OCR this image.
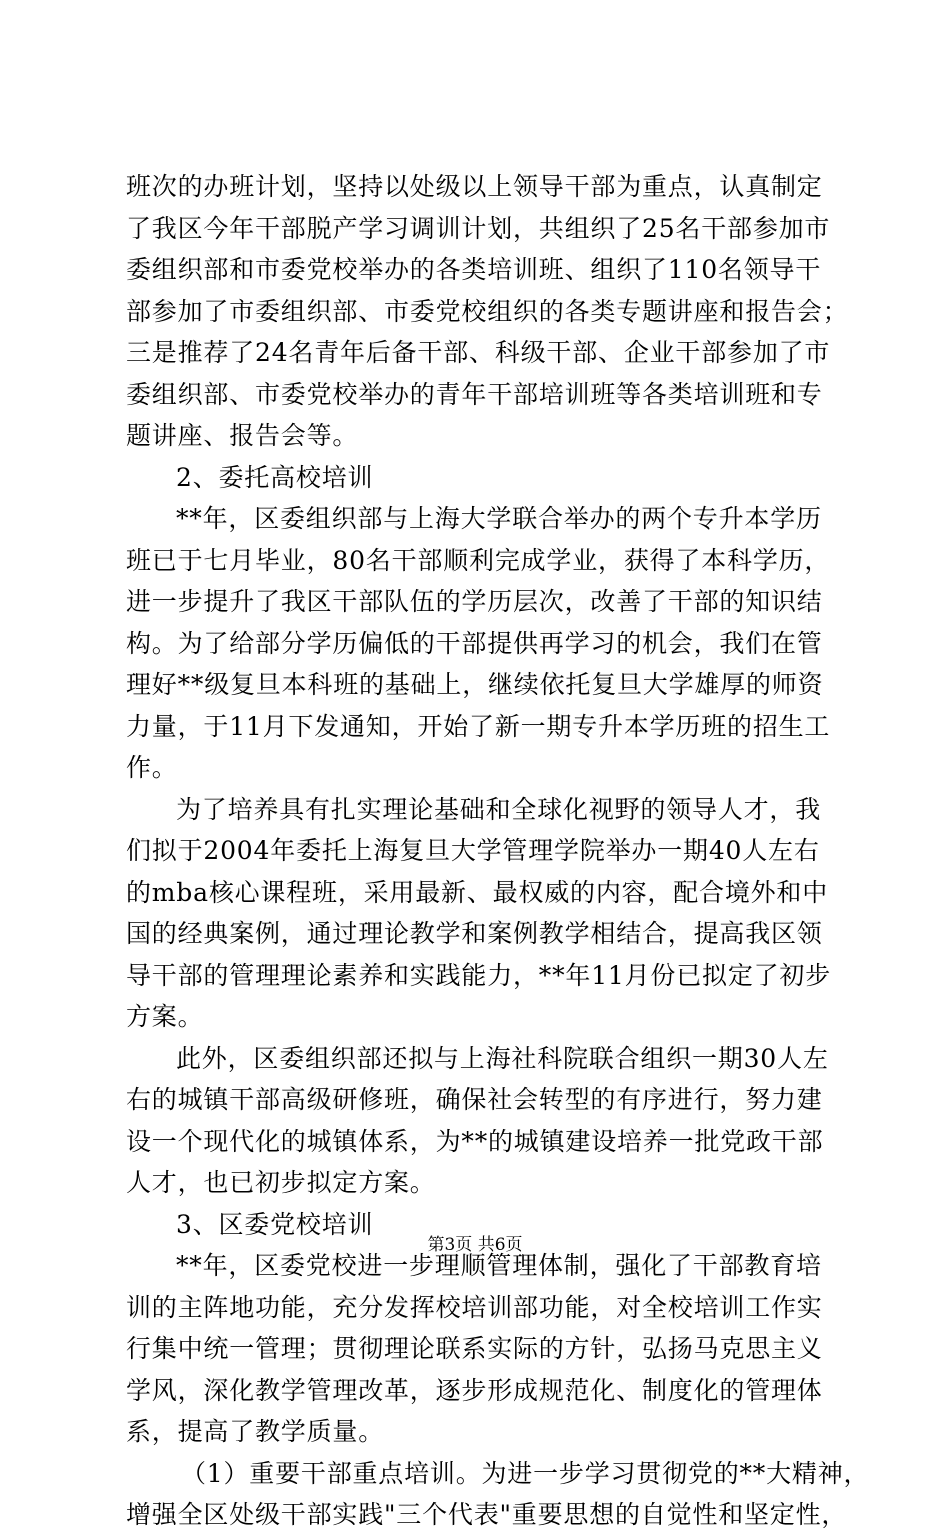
班次的办班计划，坚持以处级以上领导干部为重点，认真制定
了我区今年干部脱产学习调训计划，共组织了25名干部参加市
委组织部和市委党校举办的各类培训班、组织了110名领导干
部参加了市委组织部、市委党校组织的各类专题讲座和报告会；
三是推荐了24名青年后备干部、科级干部、企业干部参加了市
委组织部、市委党校举办的青年干部培训班等各类培训班和专
题讲座、报告会等。
2、委托高校培训
**年，区委组织部与上海大学联合举办的两个专升本学历
班已于七月毕业，80名干部顺利完成学业，获得了本科学历，
进一步提升了我区干部队伍的学历层次，改善了干部的知识结
构。为了给部分学历偏低的干部提供再学习的机会，我们在管
理好**级复旦本科班的基础上，继续依托复旦大学雄厚的师资
力量，于11月下发通知，开始了新一期专升本学历班的招生工
作。
为了培养具有扎实理论基础和全球化视野的领导人才，我
们拟于2004年委托上海复旦大学管理学院举办一期40人左右
的mba核心课程班，采用最新、最权威的内容，配合境外和中
国的经典案例，通过理论教学和案例教学相结合，提高我区领
导干部的管理理论素养和实践能力，**年11月份已拟定了初步
方案。
此外，区委组织部还拟与上海社科院联合组织一期30人左
右的城镇干部高级研修班，确保社会转型的有序进行，努力建
设一个现代化的城镇体系，为**的城镇建设培养一批党政干部
人才，也已初步拟定方案。
3、区委党校培训
**年，区委党校进一步理顺管理体制，强化了干部教育培
训的主阵地功能，充分发挥校培训部功能，对全校培训工作实
行集中统一管理；贯彻理论联系实际的方针，弘扬马克思主义
学风，深化教学管理改革，逐步形成规范化、制度化的管理体
系，提高了教学质量。
（1）重要干部重点培训。为进一步学习贯彻党的**大精神，
增强全区处级干部实践"三个代表"重要思想的自觉性和坚定性，
第3页 共6页
